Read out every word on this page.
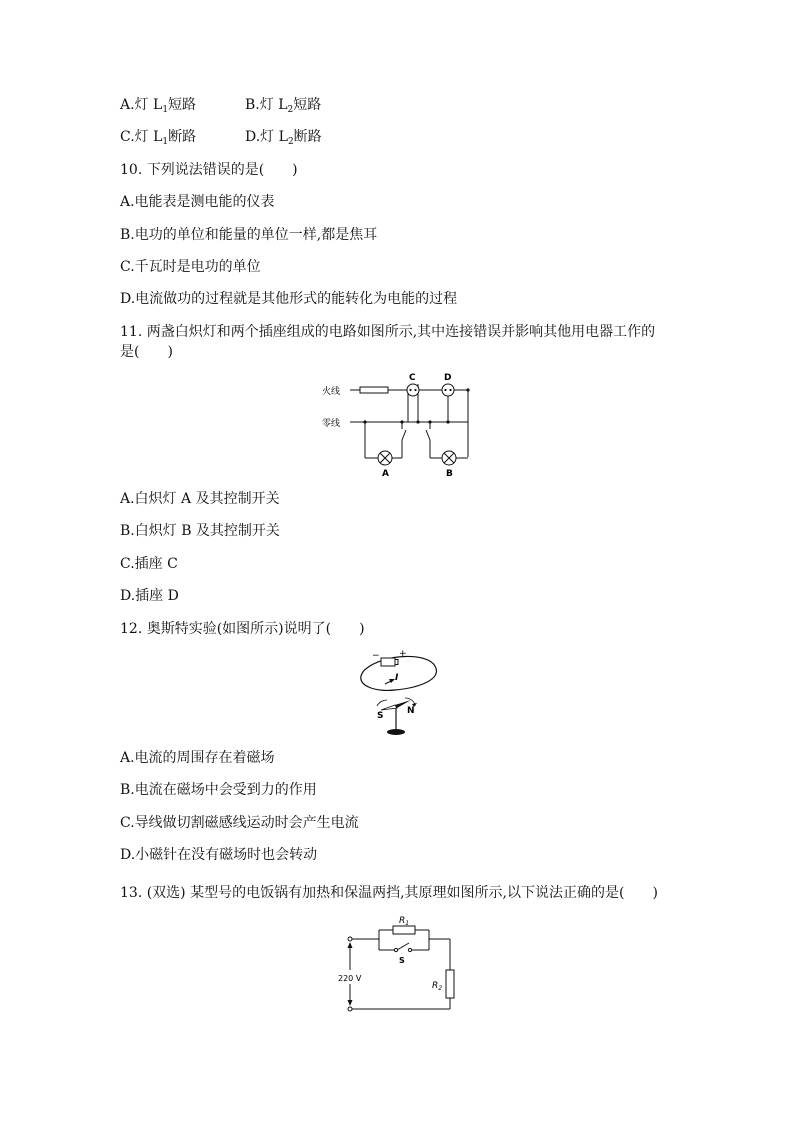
A.灯 $L_1$短路	B.灯 $L_2$短路
C.灯 $L_1$断路	D.灯 $L_2$断路
10. 下列说法错误的是(　　)
A.电能表是测电能的仪表
B.电功的单位和能量的单位一样,都是焦耳
C.千瓦时是电功的单位
D.电流做功的过程就是其他形式的能转化为电能的过程
11. 两盏白炽灯和两个插座组成的电路如图所示,其中连接错误并影响其他用电器工作的
是(　　)
火线
零线
C	D
A	B
A.白炽灯 A 及其控制开关
B.白炽灯 B 及其控制开关
C.插座 C
D.插座 D
12. 奥斯特实验(如图所示)说明了(　　)
− +
I
S	N
A.电流的周围存在着磁场
B.电流在磁场中会受到力的作用
C.导线做切割磁感线运动时会产生电流
D.小磁针在没有磁场时也会转动
13. (双选) 某型号的电饭锅有加热和保温两挡,其原理如图所示,以下说法正确的是(　　)
$R_1$
$R_2$
S
220 V
